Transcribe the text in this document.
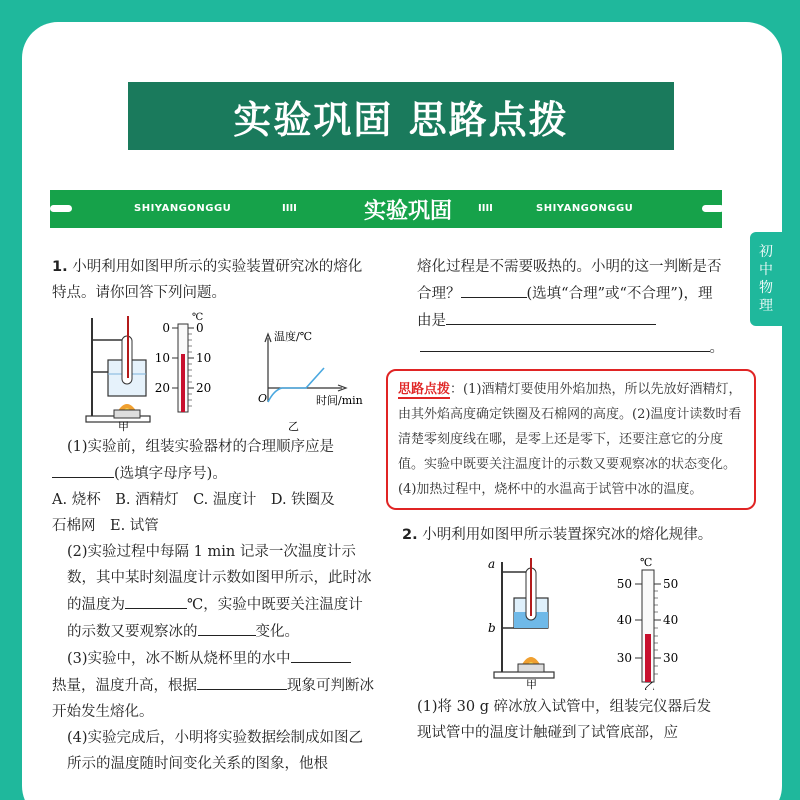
实验巩固 思路点拨
SHIYANGONGGU	IIII	实验巩固	IIII	SHIYANGONGGU
初中物理
1. 小明利用如图甲所示的实验装置研究冰的熔化特点。请你回答下列问题。
0
10
20
0
10
20
℃
温度/℃
时间/min
O
甲	乙
(1)实验前，组装实验器材的合理顺序应是
(选填字母序号)。
A. 烧杯　B. 酒精灯　C. 温度计　D. 铁圈及
石棉网　E. 试管
(2)实验过程中每隔 1 min 记录一次温度计示数，其中某时刻温度计示数如图甲所示，此时冰的温度为	℃，实验中既要关注温度计的示数又要观察冰的	变化。
(3)实验中，冰不断从烧杯里的水中
热量，温度升高，根据	现象可判断冰开始发生熔化。
(4)实验完成后，小明将实验数据绘制成如图乙所示的温度随时间变化关系的图象，他根
熔化过程是不需要吸热的。小明的这一判断是否合理？	(选填“合理”或“不合理”)，理由是
。
思路点拨：(1)酒精灯要使用外焰加热，所以先放好酒精灯，由其外焰高度确定铁圈及石棉网的高度。(2)温度计读数时看清楚零刻度线在哪，是零上还是零下，还要注意它的分度值。实验中既要关注温度计的示数又要观察冰的状态变化。(4)加热过程中，烧杯中的水温高于试管中冰的温度。
2. 小明利用如图甲所示装置探究冰的熔化规律。
a
b
℃
50
40
30
50
40
30
甲	乙
(1)将 30 g 碎冰放入试管中，组装完仪器后发现试管中的温度计触碰到了试管底部，应
